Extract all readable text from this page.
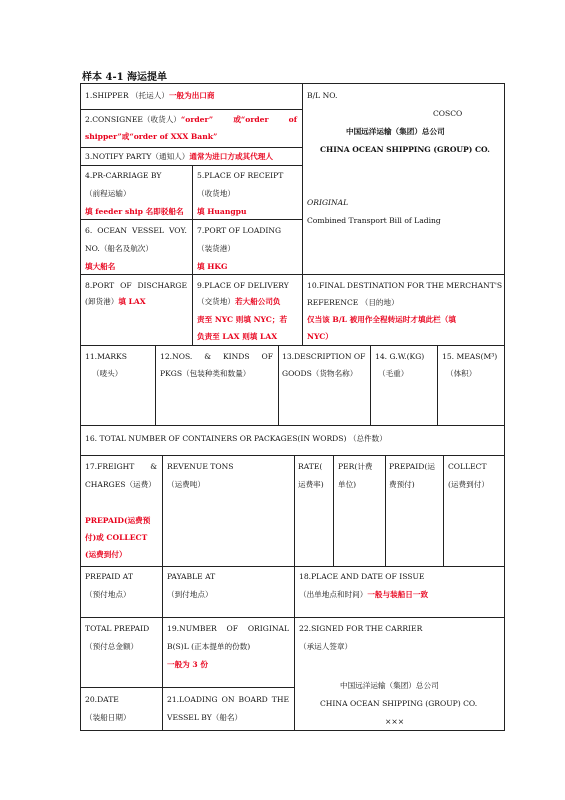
样本 4-1 海运提单
1.SHIPPER （托运人）一般为出口商
2.CONSIGNEE（收货人）“order”	或“order	of
shipper”或“order of XXX Bank”
3.NOTIFY PARTY（通知人）通常为进口方或其代理人
B/L NO.
COSCO
中国远洋运输（集团）总公司
CHINA OCEAN SHIPPING (GROUP) CO.
ORIGINAL
Combined Transport Bill of Lading
4.PR-CARRIAGE BY
（前程运输）
填 feeder ship 名即驳船名
5.PLACE OF RECEIPT
（收货地）
填 Huangpu
6. OCEAN VESSEL VOY.
NO.（船名及航次）
填大船名
7.PORT OF LOADING
（装货港）
填 HKG
8.PORT OF DISCHARGE
(卸货港）填 LAX
9.PLACE OF DELIVERY
（交货地）若大船公司负
责至 NYC 则填 NYC；若
负责至 LAX 则填 LAX
10.FINAL DESTINATION FOR THE MERCHANT'S
REFERENCE （目的地）
仅当该 B/L 被用作全程转运时才填此栏（填
NYC）
11.MARKS
（唛头）
12.NOS. & KINDS OF
PKGS（包装种类和数量）
13.DESCRIPTION OF
GOODS（货物名称）
14. G.W.(KG)
（毛重）
15. MEAS(M³)
（体积）
16. TOTAL NUMBER OF CONTAINERS OR PACKAGES(IN WORDS) （总件数）
17.FREIGHT &
CHARGES（运费）
PREPAID(运费预
付)或 COLLECT
(运费到付）
REVENUE TONS
（运费吨）
RATE(
运费率)
PER(计费
单位)
PREPAID(运
费预付)
COLLECT
(运费到付）
PREPAID AT
（预付地点）
PAYABLE AT
（到付地点）
18.PLACE AND DATE OF ISSUE
（出单地点和时间）一般与装船日一致
TOTAL PREPAID
（预付总金额）
19.NUMBER OF ORIGINAL
B(S)L (正本提单的份数)
一般为 3 份
22.SIGNED FOR THE CARRIER
（承运人签章）
中国远洋运输（集团）总公司
CHINA OCEAN SHIPPING (GROUP) CO.
×××
20.DATE
（装船日期）
21.LOADING ON BOARD THE
VESSEL BY（船名）
